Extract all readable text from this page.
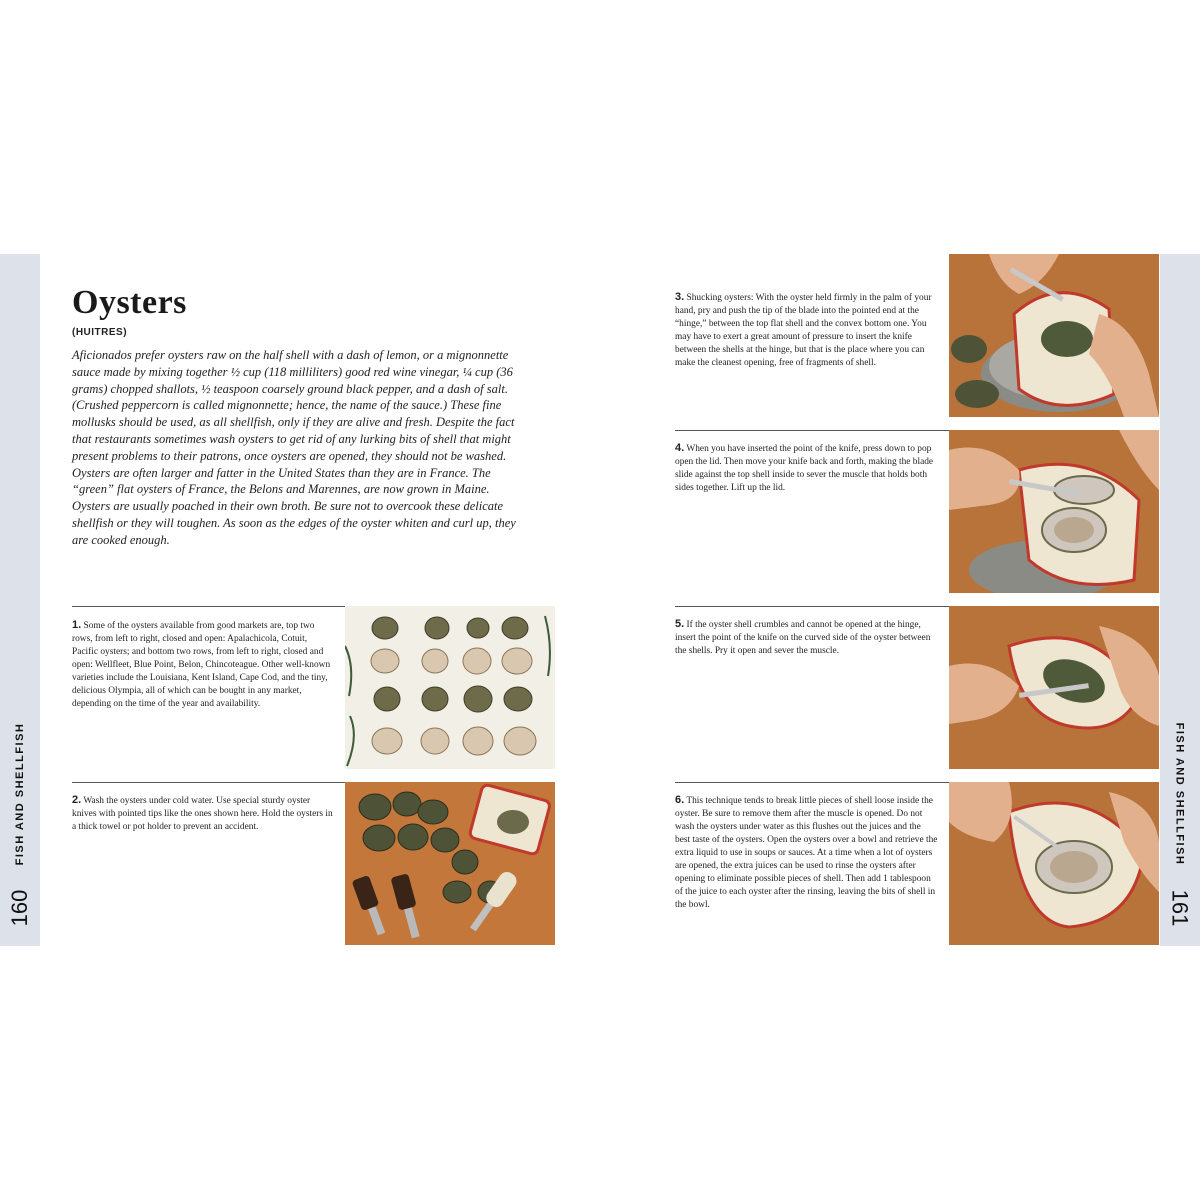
FISH AND SHELLFISH
160
FISH AND SHELLFISH
161
Oysters
(HUITRES)
Aficionados prefer oysters raw on the half shell with a dash of lemon, or a mignonnette sauce made by mixing together ½ cup (118 milliliters) good red wine vinegar, ¼ cup (36 grams) chopped shallots, ½ teaspoon coarsely ground black pepper, and a dash of salt. (Crushed peppercorn is called mignonnette; hence, the name of the sauce.) These fine mollusks should be used, as all shellfish, only if they are alive and fresh. Despite the fact that restaurants sometimes wash oysters to get rid of any lurking bits of shell that might present problems to their patrons, once oysters are opened, they should not be washed. Oysters are often larger and fatter in the United States than they are in France. The “green” flat oysters of France, the Belons and Marennes, are now grown in Maine. Oysters are usually poached in their own broth. Be sure not to overcook these delicate shellfish or they will toughen. As soon as the edges of the oyster whiten and curl up, they are cooked enough.
1. Some of the oysters available from good markets are, top two rows, from left to right, closed and open: Apalachicola, Cotuit, Pacific oysters; and bottom two rows, from left to right, closed and open: Wellfleet, Blue Point, Belon, Chincoteague. Other well-known varieties include the Louisiana, Kent Island, Cape Cod, and the tiny, delicious Olympia, all of which can be bought in any market, depending on the time of the year and availability.
2. Wash the oysters under cold water. Use special sturdy oyster knives with pointed tips like the ones shown here. Hold the oysters in a thick towel or pot holder to prevent an accident.
3. Shucking oysters: With the oyster held firmly in the palm of your hand, pry and push the tip of the blade into the pointed end at the “hinge,” between the top flat shell and the convex bottom one. You may have to exert a great amount of pressure to insert the knife between the shells at the hinge, but that is the place where you can make the cleanest opening, free of fragments of shell.
4. When you have inserted the point of the knife, press down to pop open the lid. Then move your knife back and forth, making the blade slide against the top shell inside to sever the muscle that holds both sides together. Lift up the lid.
5. If the oyster shell crumbles and cannot be opened at the hinge, insert the point of the knife on the curved side of the oyster between the shells. Pry it open and sever the muscle.
6. This technique tends to break little pieces of shell loose inside the oyster. Be sure to remove them after the muscle is opened. Do not wash the oysters under water as this flushes out the juices and the best taste of the oysters. Open the oysters over a bowl and retrieve the extra liquid to use in soups or sauces. At a time when a lot of oysters are opened, the extra juices can be used to rinse the oysters after opening to eliminate possible pieces of shell. Then add 1 tablespoon of the juice to each oyster after the rinsing, leaving the bits of shell in the bowl.
